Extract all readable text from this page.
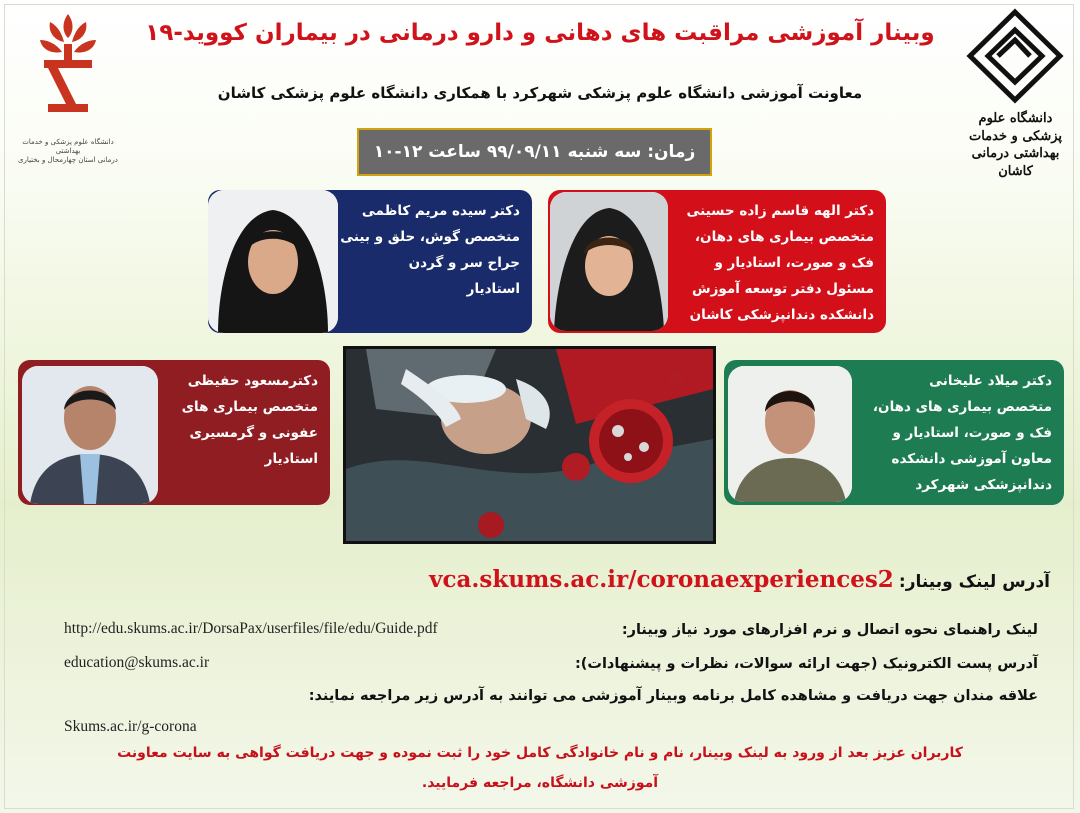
دانشگاه علوم پزشکی و خدمات بهداشتی
درمانی استان چهارمحال و بختیاری
دانشگاه علوم پزشکی و خدمات
بهداشتی درمانی کاشان
وبینار آموزشی مراقبت های دهانی و دارو درمانی در بیماران کووید-۱۹
معاونت آموزشی دانشگاه علوم پزشکی شهرکرد با همکاری دانشگاه علوم پزشکی کاشان
زمان: سه شنبه ۹۹/۰۹/۱۱ ساعت ۱۲-۱۰
دکتر سیده مریم کاظمی
متخصص گوش، حلق و بینی
جراح سر و گردن
استادیار
دکتر الهه قاسم زاده حسینی
متخصص بیماری های دهان،
فک و صورت، استادیار و
مسئول دفتر توسعه آموزش
دانشکده دندانپزشکی کاشان
دکترمسعود حفیظی
متخصص بیماری های
عفونی و گرمسیری
استادیار
دکتر میلاد علیخانی
متخصص بیماری های دهان،
فک و صورت، استادیار و
معاون آموزشی دانشکده
دندانپزشکی شهرکرد
آدرس لینک وبینار: vca.skums.ac.ir/coronaexperiences2
لینک راهنمای نحوه اتصال و نرم افزارهای مورد نیاز وبینار:
http://edu.skums.ac.ir/DorsaPax/userfiles/file/edu/Guide.pdf
آدرس پست الکترونیک (جهت ارائه سوالات، نظرات و پیشنهادات):
education@skums.ac.ir
علاقه مندان جهت دریافت و مشاهده کامل برنامه وبینار آموزشی می توانند به آدرس زیر مراجعه نمایند:
Skums.ac.ir/g-corona
کاربران عزیز بعد از ورود به لینک وبینار، نام و نام خانوادگی کامل خود را ثبت نموده و جهت دریافت گواهی به سایت معاونت
آموزشی دانشگاه، مراجعه فرمایید.
